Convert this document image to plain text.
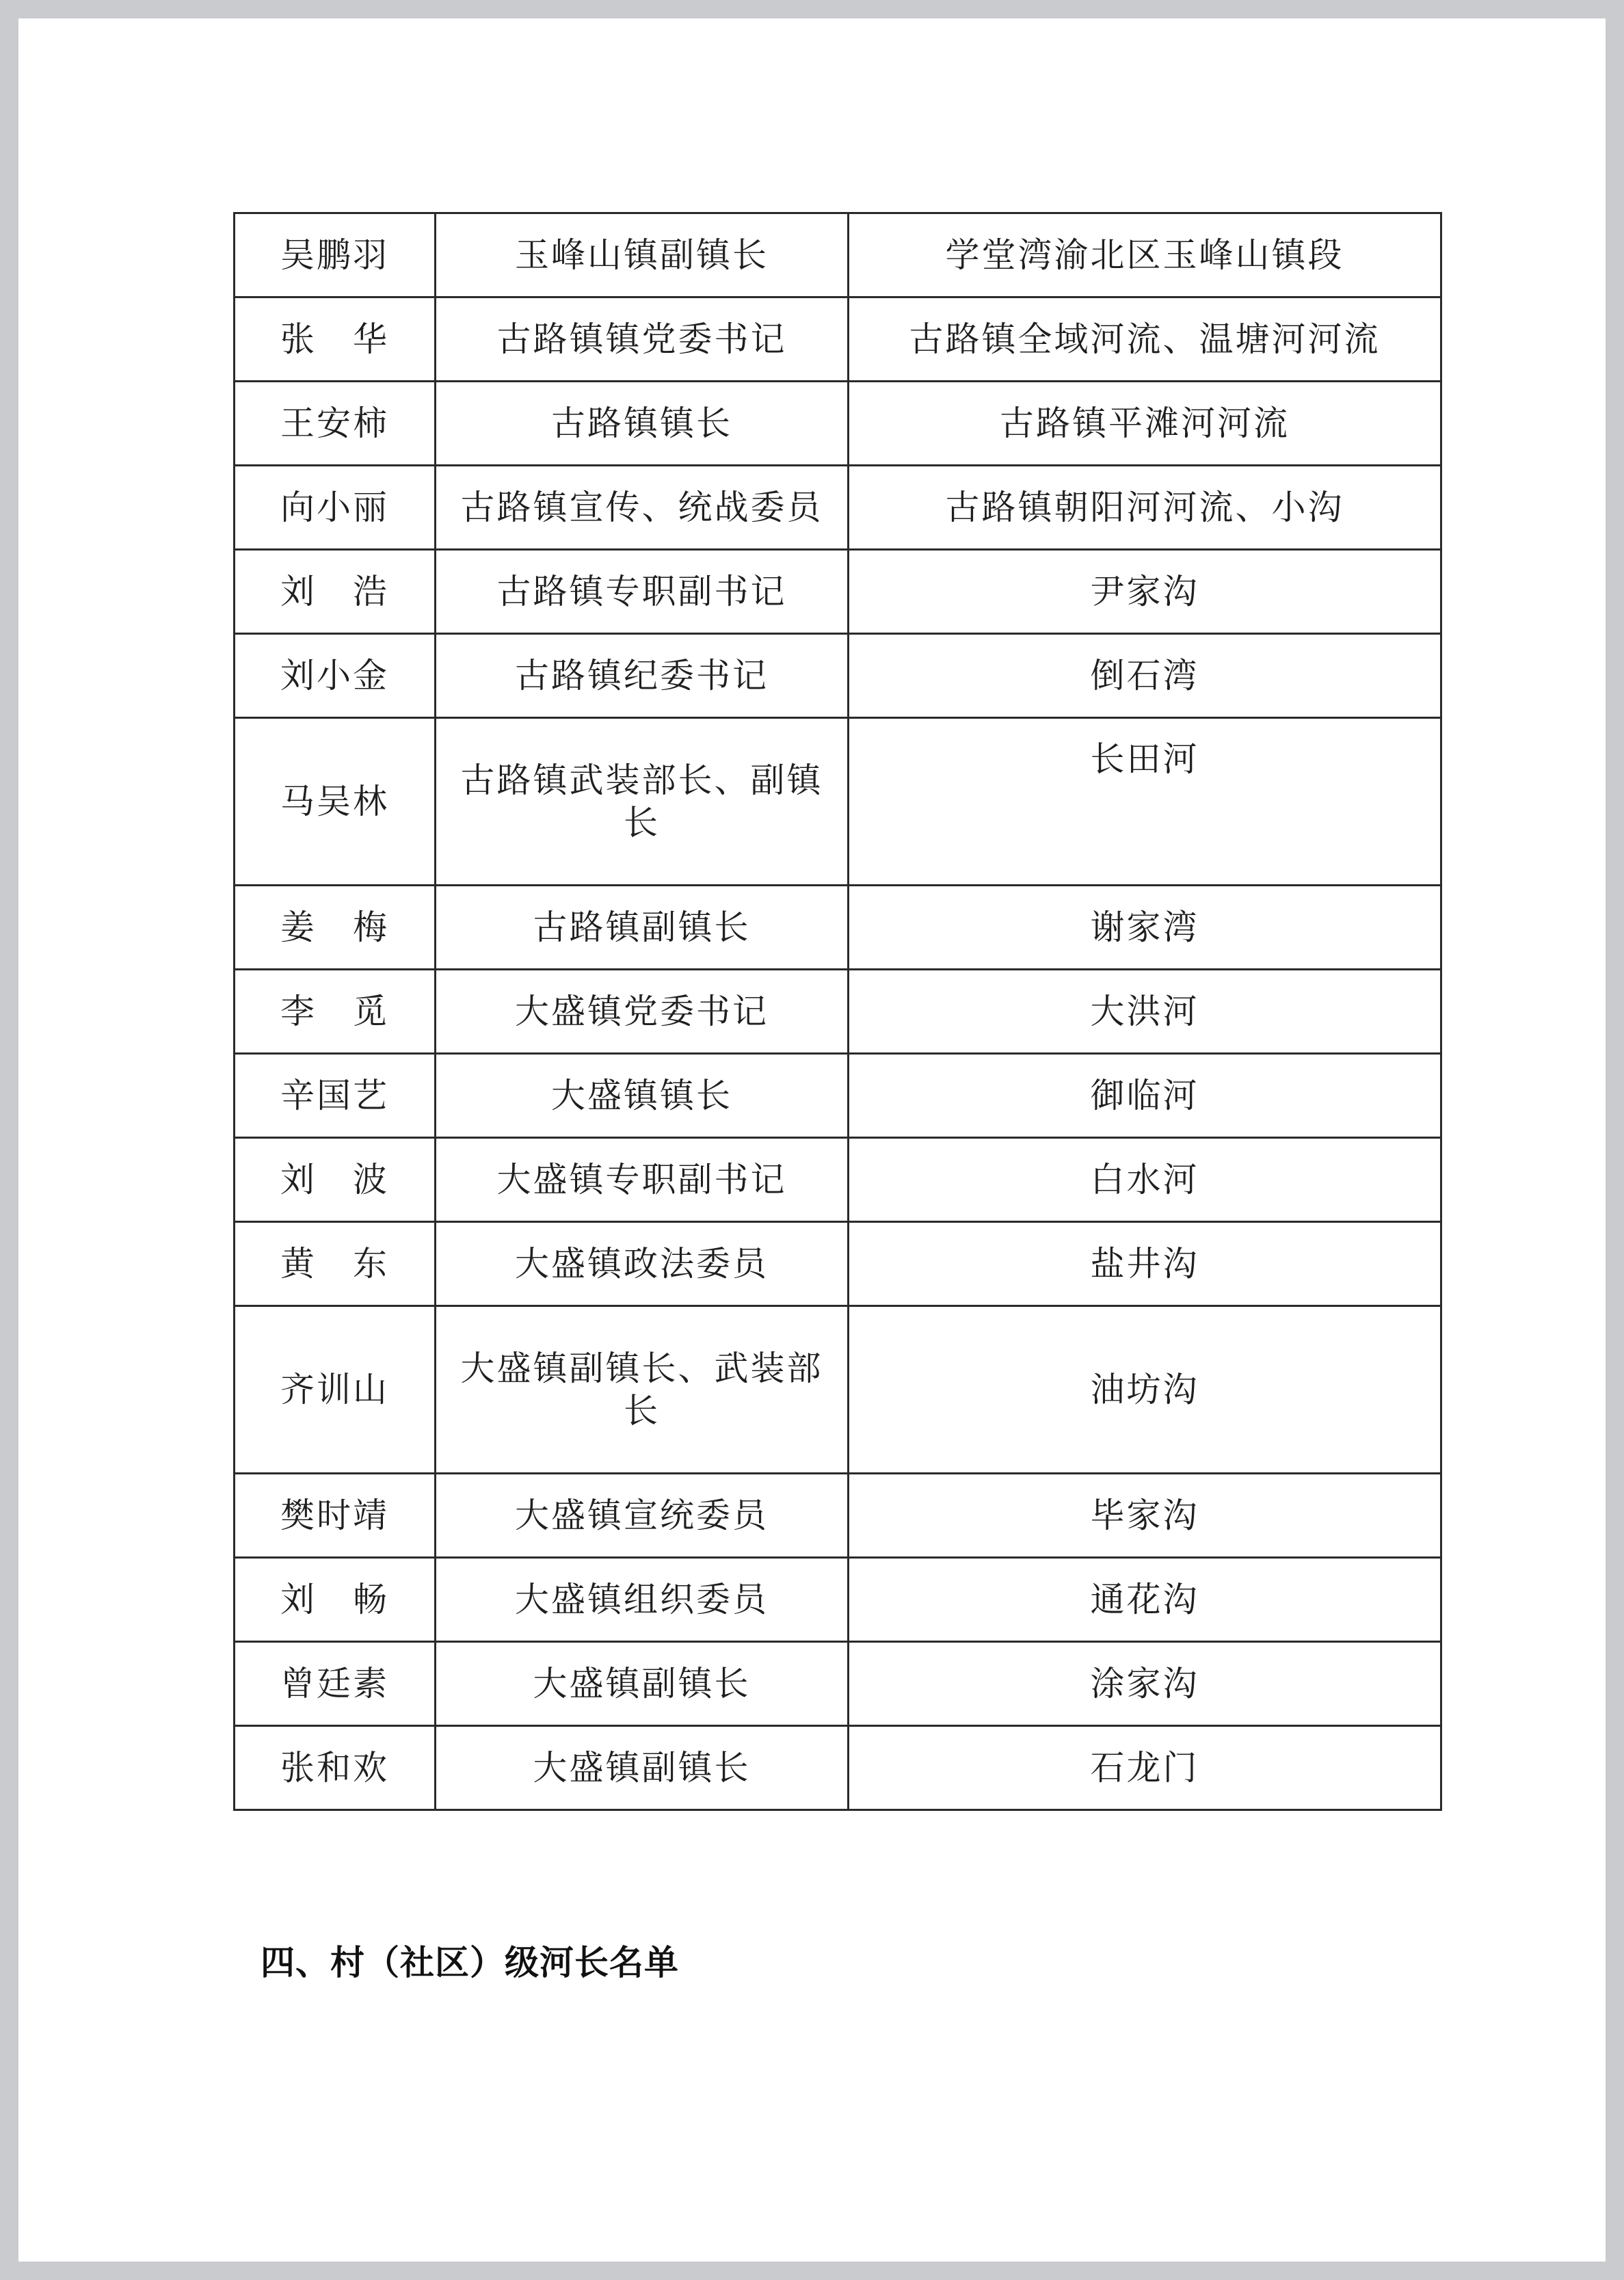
吴鹏羽	玉峰山镇副镇长	学堂湾渝北区玉峰山镇段
张　华	古路镇镇党委书记	古路镇全域河流、温塘河河流
王安柿	古路镇镇长	古路镇平滩河河流
向小丽	古路镇宣传、统战委员	古路镇朝阳河河流、小沟
刘　浩	古路镇专职副书记	尹家沟
刘小金	古路镇纪委书记	倒石湾
马吴林	古路镇武装部长、副镇长	长田河
姜　梅	古路镇副镇长	谢家湾
李　觅	大盛镇党委书记	大洪河
辛国艺	大盛镇镇长	御临河
刘　波	大盛镇专职副书记	白水河
黄　东	大盛镇政法委员	盐井沟
齐训山	大盛镇副镇长、武装部长	油坊沟
樊时靖	大盛镇宣统委员	毕家沟
刘　畅	大盛镇组织委员	通花沟
曾廷素	大盛镇副镇长	涂家沟
张和欢	大盛镇副镇长	石龙门
四、村（社区）级河长名单
